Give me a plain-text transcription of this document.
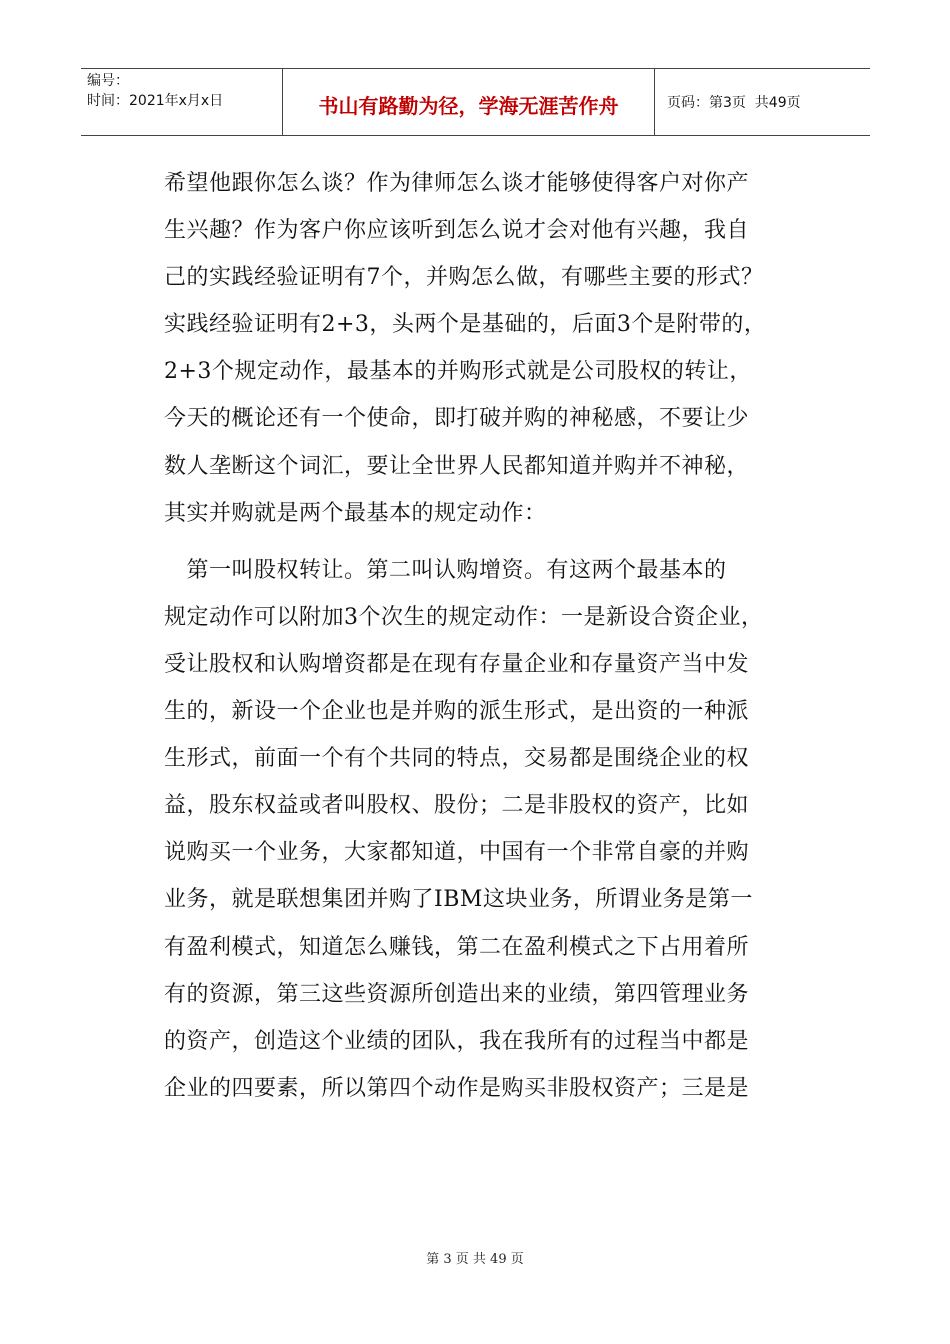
编号：
时间：2021年x月x日	书山有路勤为径，学海无涯苦作舟	页码：第3页  共49页
希望他跟你怎么谈？作为律师怎么谈才能够使得客户对你产
生兴趣？作为客户你应该听到怎么说才会对他有兴趣，我自
己的实践经验证明有7个，并购怎么做，有哪些主要的形式？
实践经验证明有2+3，头两个是基础的，后面3个是附带的，
2+3个规定动作，最基本的并购形式就是公司股权的转让，
今天的概论还有一个使命，即打破并购的神秘感，不要让少
数人垄断这个词汇，要让全世界人民都知道并购并不神秘，
其实并购就是两个最基本的规定动作：
第一叫股权转让。第二叫认购增资。有这两个最基本的
规定动作可以附加3个次生的规定动作：一是新设合资企业，
受让股权和认购增资都是在现有存量企业和存量资产当中发
生的，新设一个企业也是并购的派生形式，是出资的一种派
生形式，前面一个有个共同的特点，交易都是围绕企业的权
益，股东权益或者叫股权、股份；二是非股权的资产，比如
说购买一个业务，大家都知道，中国有一个非常自豪的并购
业务，就是联想集团并购了IBM这块业务，所谓业务是第一
有盈利模式，知道怎么赚钱，第二在盈利模式之下占用着所
有的资源，第三这些资源所创造出来的业绩，第四管理业务
的资产，创造这个业绩的团队，我在我所有的过程当中都是
企业的四要素，所以第四个动作是购买非股权资产；三是是
第 3 页 共 49 页
